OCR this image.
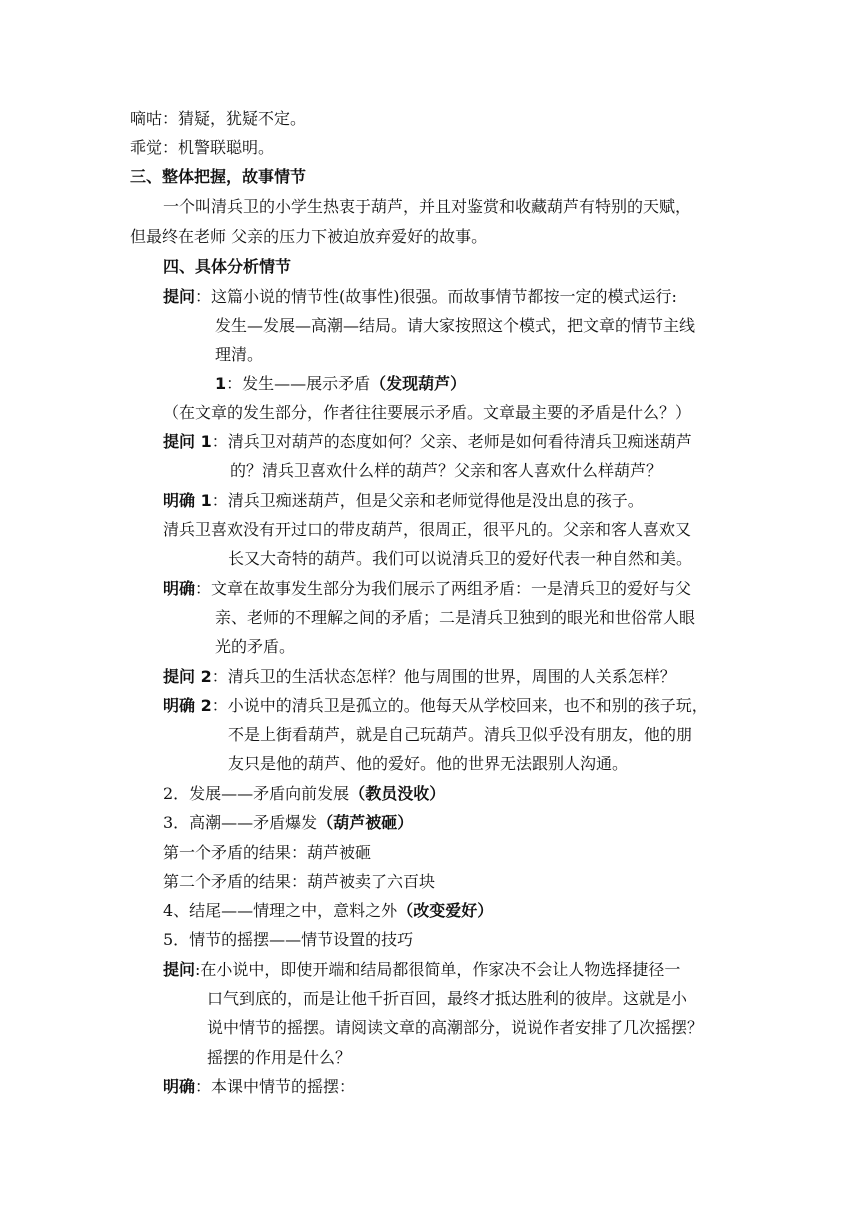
嘀咕：猜疑，犹疑不定。
乖觉：机警联聪明。
三、整体把握，故事情节
一个叫清兵卫的小学生热衷于葫芦，并且对鉴赏和收藏葫芦有特别的天赋，
但最终在老师 父亲的压力下被迫放弃爱好的故事。
四、具体分析情节
提问：这篇小说的情节性(故事性)很强。而故事情节都按一定的模式运行:
发生—发展—高潮—结局。请大家按照这个模式，把文章的情节主线
理清。
1：发生——展示矛盾（发现葫芦）
（在文章的发生部分，作者往往要展示矛盾。文章最主要的矛盾是什么？）
提问 1：清兵卫对葫芦的态度如何？父亲、老师是如何看待清兵卫痴迷葫芦
的？清兵卫喜欢什么样的葫芦？父亲和客人喜欢什么样葫芦？
明确 1：清兵卫痴迷葫芦，但是父亲和老师觉得他是没出息的孩子。
清兵卫喜欢没有开过口的带皮葫芦，很周正，很平凡的。父亲和客人喜欢又
长又大奇特的葫芦。我们可以说清兵卫的爱好代表一种自然和美。
明确：文章在故事发生部分为我们展示了两组矛盾：一是清兵卫的爱好与父
亲、老师的不理解之间的矛盾；二是清兵卫独到的眼光和世俗常人眼
光的矛盾。
提问 2：清兵卫的生活状态怎样？他与周围的世界，周围的人关系怎样？
明确 2：小说中的清兵卫是孤立的。他每天从学校回来，也不和别的孩子玩，
不是上街看葫芦，就是自己玩葫芦。清兵卫似乎没有朋友，他的朋
友只是他的葫芦、他的爱好。他的世界无法跟别人沟通。
2．发展——矛盾向前发展（教员没收）
3．高潮——矛盾爆发（葫芦被砸）
第一个矛盾的结果：葫芦被砸
第二个矛盾的结果：葫芦被卖了六百块
4、结尾——情理之中，意料之外（改变爱好）
5．情节的摇摆——情节设置的技巧
提问:在小说中，即使开端和结局都很简单，作家决不会让人物选择捷径一
口气到底的，而是让他千折百回，最终才抵达胜利的彼岸。这就是小
说中情节的摇摆。请阅读文章的高潮部分，说说作者安排了几次摇摆？
摇摆的作用是什么？
明确：本课中情节的摇摆：
